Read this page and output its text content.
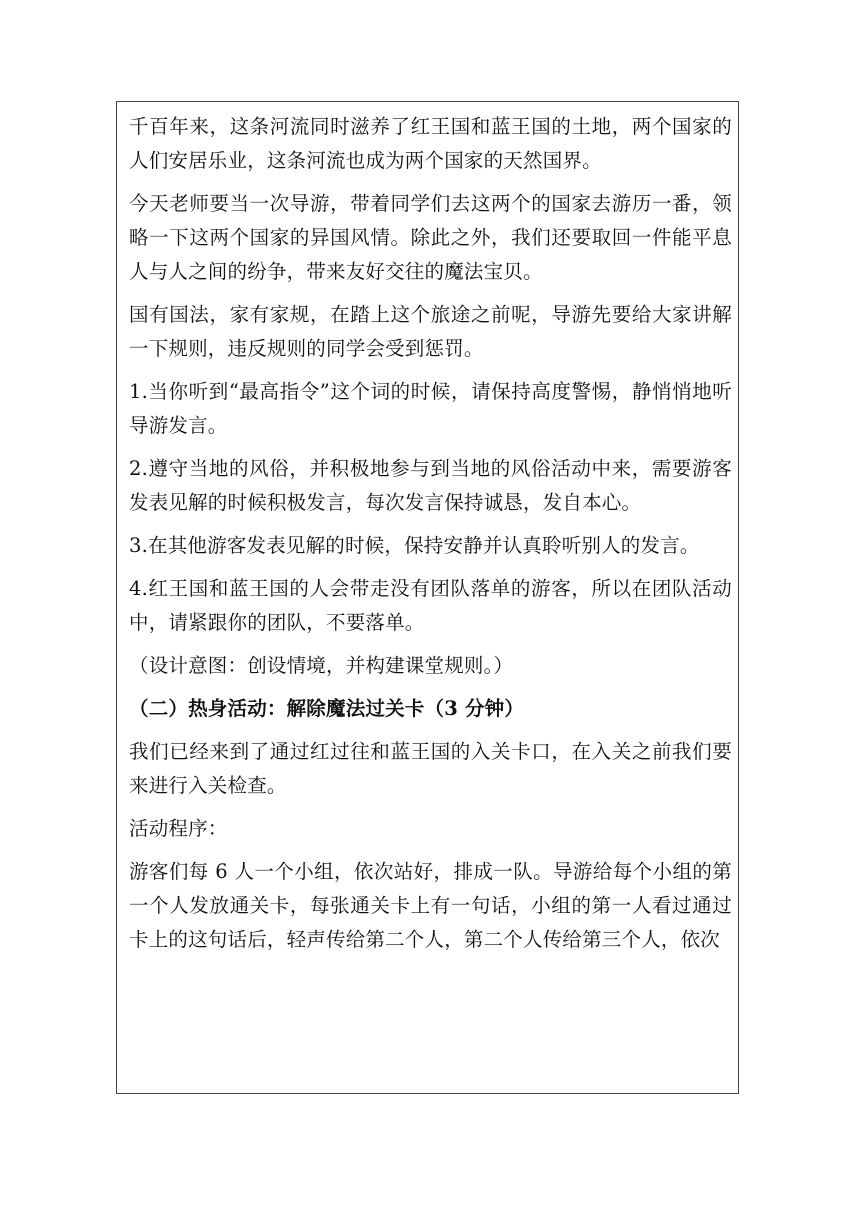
千百年来，这条河流同时滋养了红王国和蓝王国的土地，两个国家的人们安居乐业，这条河流也成为两个国家的天然国界。

今天老师要当一次导游，带着同学们去这两个的国家去游历一番，领略一下这两个国家的异国风情。除此之外，我们还要取回一件能平息人与人之间的纷争，带来友好交往的魔法宝贝。

国有国法，家有家规，在踏上这个旅途之前呢，导游先要给大家讲解一下规则，违反规则的同学会受到惩罚。

1.当你听到“最高指令”这个词的时候，请保持高度警惕，静悄悄地听导游发言。

2.遵守当地的风俗，并积极地参与到当地的风俗活动中来，需要游客发表见解的时候积极发言，每次发言保持诚恳，发自本心。

3.在其他游客发表见解的时候，保持安静并认真聆听别人的发言。

4.红王国和蓝王国的人会带走没有团队落单的游客，所以在团队活动中，请紧跟你的团队，不要落单。

（设计意图：创设情境，并构建课堂规则。）

（二）热身活动：解除魔法过关卡（3 分钟）

我们已经来到了通过红过往和蓝王国的入关卡口，在入关之前我们要来进行入关检查。

活动程序：

游客们每 6 人一个小组，依次站好，排成一队。导游给每个小组的第一个人发放通关卡，每张通关卡上有一句话，小组的第一人看过通过卡上的这句话后，轻声传给第二个人，第二个人传给第三个人，依次
